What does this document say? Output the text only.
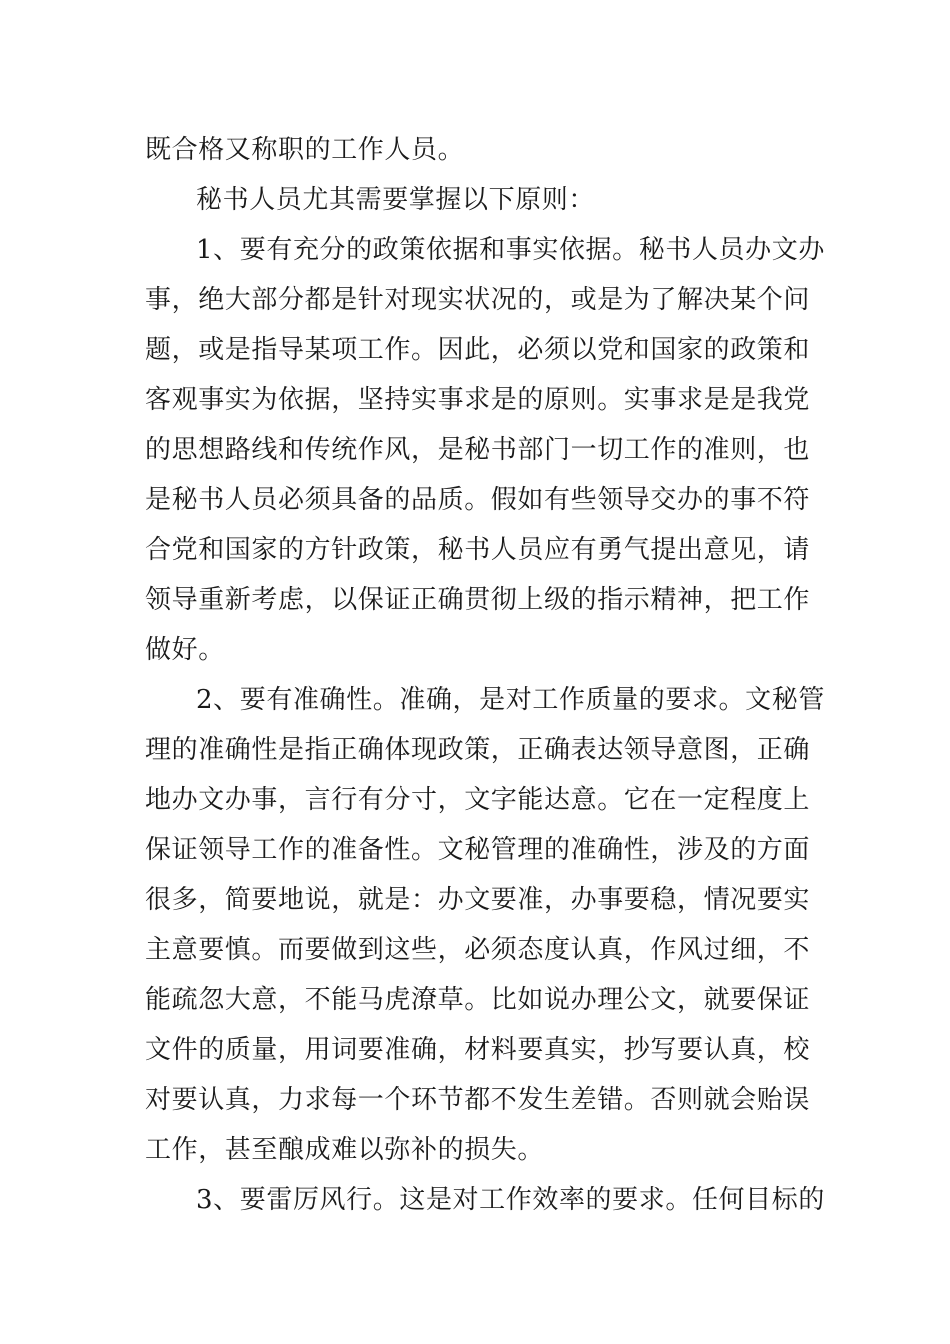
既合格又称职的工作人员。
秘书人员尤其需要掌握以下原则：
1、要有充分的政策依据和事实依据。秘书人员办文办
事，绝大部分都是针对现实状况的，或是为了解决某个问
题，或是指导某项工作。因此，必须以党和国家的政策和
客观事实为依据，坚持实事求是的原则。实事求是是我党
的思想路线和传统作风，是秘书部门一切工作的准则，也
是秘书人员必须具备的品质。假如有些领导交办的事不符
合党和国家的方针政策，秘书人员应有勇气提出意见，请
领导重新考虑，以保证正确贯彻上级的指示精神，把工作
做好。
2、要有准确性。准确，是对工作质量的要求。文秘管
理的准确性是指正确体现政策，正确表达领导意图，正确
地办文办事，言行有分寸，文字能达意。它在一定程度上
保证领导工作的准备性。文秘管理的准确性，涉及的方面
很多，简要地说，就是：办文要准，办事要稳，情况要实
主意要慎。而要做到这些，必须态度认真，作风过细，不
能疏忽大意，不能马虎潦草。比如说办理公文，就要保证
文件的质量，用词要准确，材料要真实，抄写要认真，校
对要认真，力求每一个环节都不发生差错。否则就会贻误
工作，甚至酿成难以弥补的损失。
3、要雷厉风行。这是对工作效率的要求。任何目标的
